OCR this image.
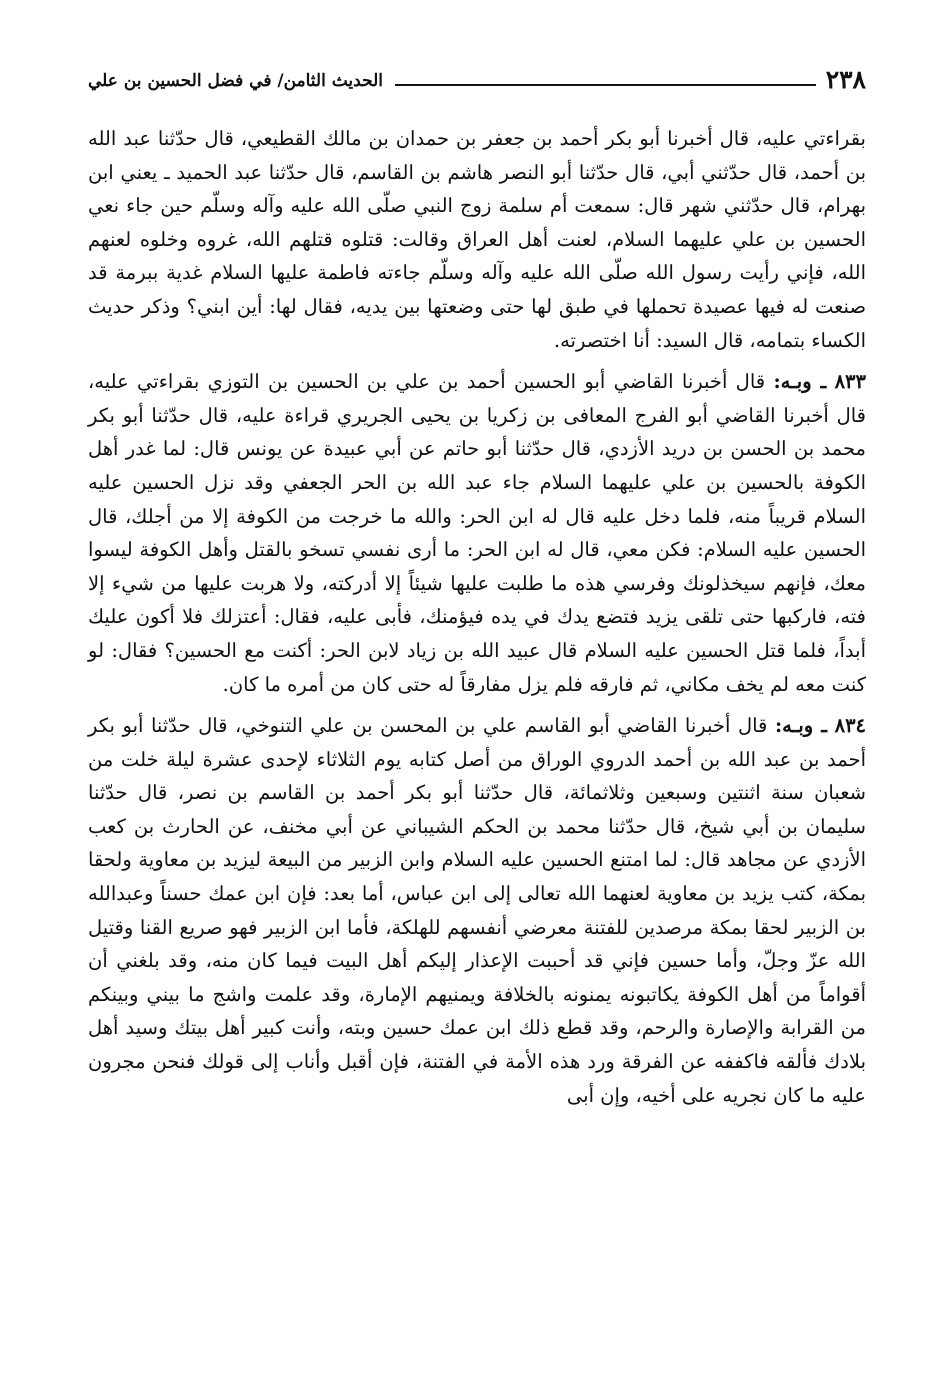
٢٣٨
الحديث الثامن/ في فضل الحسين بن علي

بقراءتي عليه، قال أخبرنا أبو بكر أحمد بن جعفر بن حمدان بن مالك القطيعي، قال حدّثنا عبد الله بن أحمد، قال حدّثني أبي، قال حدّثنا أبو النصر هاشم بن القاسم، قال حدّثنا عبد الحميد ـ يعني ابن بهرام، قال حدّثني شهر قال: سمعت أم سلمة زوج النبي صلّى الله عليه وآله وسلّم حين جاء نعي الحسين بن علي عليهما السلام، لعنت أهل العراق وقالت: قتلوه قتلهم الله، غروه وخلوه لعنهم الله، فإني رأيت رسول الله صلّى الله عليه وآله وسلّم جاءته فاطمة عليها السلام غدية ببرمة قد صنعت له فيها عصيدة تحملها في طبق لها حتى وضعتها بين يديه، فقال لها: أين ابني؟ وذكر حديث الكساء بتمامه، قال السيد: أنا اختصرته.

٨٣٣ ـ وبـه: قال أخبرنا القاضي أبو الحسين أحمد بن علي بن الحسين بن التوزي بقراءتي عليه، قال أخبرنا القاضي أبو الفرج المعافى بن زكريا بن يحيى الجريري قراءة عليه، قال حدّثنا أبو بكر محمد بن الحسن بن دريد الأزدي، قال حدّثنا أبو حاتم عن أبي عبيدة عن يونس قال: لما غدر أهل الكوفة بالحسين بن علي عليهما السلام جاء عبد الله بن الحر الجعفي وقد نزل الحسين عليه السلام قريباً منه، فلما دخل عليه قال له ابن الحر: والله ما خرجت من الكوفة إلا من أجلك، قال الحسين عليه السلام: فكن معي، قال له ابن الحر: ما أرى نفسي تسخو بالقتل وأهل الكوفة ليسوا معك، فإنهم سيخذلونك وفرسي هذه ما طلبت عليها شيئاً إلا أدركته، ولا هربت عليها من شيء إلا فته، فاركبها حتى تلقى يزيد فتضع يدك في يده فيؤمنك، فأبى عليه، فقال: أعتزلك فلا أكون عليك أبداً، فلما قتل الحسين عليه السلام قال عبيد الله بن زياد لابن الحر: أكنت مع الحسين؟ فقال: لو كنت معه لم يخف مكاني، ثم فارقه فلم يزل مفارقاً له حتى كان من أمره ما كان.

٨٣٤ ـ وبـه: قال أخبرنا القاضي أبو القاسم علي بن المحسن بن علي التنوخي، قال حدّثنا أبو بكر أحمد بن عبد الله بن أحمد الدروي الوراق من أصل كتابه يوم الثلاثاء لإحدى عشرة ليلة خلت من شعبان سنة اثنتين وسبعين وثلاثمائة، قال حدّثنا أبو بكر أحمد بن القاسم بن نصر، قال حدّثنا سليمان بن أبي شيخ، قال حدّثنا محمد بن الحكم الشيباني عن أبي مخنف، عن الحارث بن كعب الأزدي عن مجاهد قال: لما امتنع الحسين عليه السلام وابن الزبير من البيعة ليزيد بن معاوية ولحقا بمكة، كتب يزيد بن معاوية لعنهما الله تعالى إلى ابن عباس، أما بعد: فإن ابن عمك حسناً وعبدالله بن الزبير لحقا بمكة مرصدين للفتنة معرضي أنفسهم للهلكة، فأما ابن الزبير فهو صريع القنا وقتيل الله عزّ وجلّ، وأما حسين فإني قد أحببت الإعذار إليكم أهل البيت فيما كان منه، وقد بلغني أن أقواماً من أهل الكوفة يكاتبونه يمنونه بالخلافة ويمنيهم الإمارة، وقد علمت واشج ما بيني وبينكم من القرابة والإصارة والرحم، وقد قطع ذلك ابن عمك حسين وبته، وأنت كبير أهل بيتك وسيد أهل بلادك فألقه فاكففه عن الفرقة ورد هذه الأمة في الفتنة، فإن أقبل وأناب إلى قولك فنحن مجرون عليه ما كان نجريه على أخيه، وإن أبى
